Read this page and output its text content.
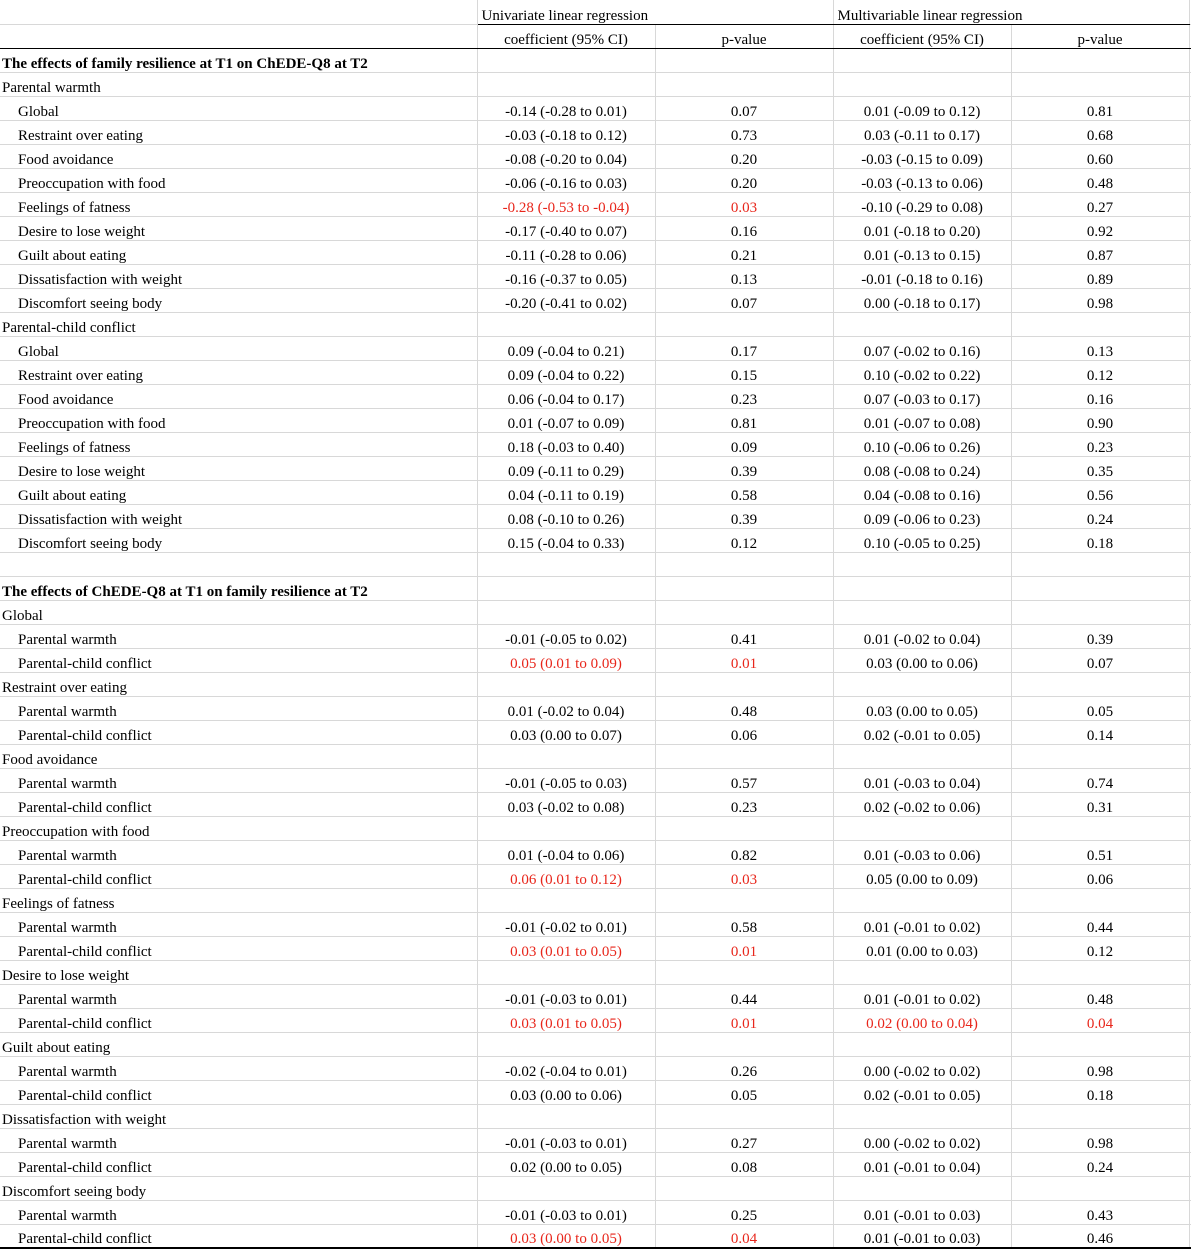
	Univariate linear regression		Multivariable linear regression		
	coefficient (95% CI)	p-value	coefficient (95% CI)	p-value	
The effects of family resilience at T1 on ChEDE-Q8 at T2					
Parental warmth					
Global	-0.14 (-0.28 to 0.01)	0.07	0.01 (-0.09 to 0.12)	0.81	
Restraint over eating	-0.03 (-0.18 to 0.12)	0.73	0.03 (-0.11 to 0.17)	0.68	
Food avoidance	-0.08 (-0.20 to 0.04)	0.20	-0.03 (-0.15 to 0.09)	0.60	
Preoccupation with food	-0.06 (-0.16 to 0.03)	0.20	-0.03 (-0.13 to 0.06)	0.48	
Feelings of fatness	-0.28 (-0.53 to -0.04)	0.03	-0.10 (-0.29 to 0.08)	0.27	
Desire to lose weight	-0.17 (-0.40 to 0.07)	0.16	0.01 (-0.18 to 0.20)	0.92	
Guilt about eating	-0.11 (-0.28 to 0.06)	0.21	0.01 (-0.13 to 0.15)	0.87	
Dissatisfaction with weight	-0.16 (-0.37 to 0.05)	0.13	-0.01 (-0.18 to 0.16)	0.89	
Discomfort seeing body	-0.20 (-0.41 to 0.02)	0.07	0.00 (-0.18 to 0.17)	0.98	
Parental-child conflict					
Global	0.09 (-0.04 to 0.21)	0.17	0.07 (-0.02 to 0.16)	0.13	
Restraint over eating	0.09 (-0.04 to 0.22)	0.15	0.10 (-0.02 to 0.22)	0.12	
Food avoidance	0.06 (-0.04 to 0.17)	0.23	0.07 (-0.03 to 0.17)	0.16	
Preoccupation with food	0.01 (-0.07 to 0.09)	0.81	0.01 (-0.07 to 0.08)	0.90	
Feelings of fatness	0.18 (-0.03 to 0.40)	0.09	0.10 (-0.06 to 0.26)	0.23	
Desire to lose weight	0.09 (-0.11 to 0.29)	0.39	0.08 (-0.08 to 0.24)	0.35	
Guilt about eating	0.04 (-0.11 to 0.19)	0.58	0.04 (-0.08 to 0.16)	0.56	
Dissatisfaction with weight	0.08 (-0.10 to 0.26)	0.39	0.09 (-0.06 to 0.23)	0.24	
Discomfort seeing body	0.15 (-0.04 to 0.33)	0.12	0.10 (-0.05 to 0.25)	0.18	

The effects of ChEDE-Q8 at T1 on family resilience at T2					
Global					
Parental warmth	-0.01 (-0.05 to 0.02)	0.41	0.01 (-0.02 to 0.04)	0.39	
Parental-child conflict	0.05 (0.01 to 0.09)	0.01	0.03 (0.00 to 0.06)	0.07	
Restraint over eating					
Parental warmth	0.01 (-0.02 to 0.04)	0.48	0.03 (0.00 to 0.05)	0.05	
Parental-child conflict	0.03 (0.00 to 0.07)	0.06	0.02 (-0.01 to 0.05)	0.14	
Food avoidance					
Parental warmth	-0.01 (-0.05 to 0.03)	0.57	0.01 (-0.03 to 0.04)	0.74	
Parental-child conflict	0.03 (-0.02 to 0.08)	0.23	0.02 (-0.02 to 0.06)	0.31	
Preoccupation with food					
Parental warmth	0.01 (-0.04 to 0.06)	0.82	0.01 (-0.03 to 0.06)	0.51	
Parental-child conflict	0.06 (0.01 to 0.12)	0.03	0.05 (0.00 to 0.09)	0.06	
Feelings of fatness					
Parental warmth	-0.01 (-0.02 to 0.01)	0.58	0.01 (-0.01 to 0.02)	0.44	
Parental-child conflict	0.03 (0.01 to 0.05)	0.01	0.01 (0.00 to 0.03)	0.12	
Desire to lose weight					
Parental warmth	-0.01 (-0.03 to 0.01)	0.44	0.01 (-0.01 to 0.02)	0.48	
Parental-child conflict	0.03 (0.01 to 0.05)	0.01	0.02 (0.00 to 0.04)	0.04	
Guilt about eating					
Parental warmth	-0.02 (-0.04 to 0.01)	0.26	0.00 (-0.02 to 0.02)	0.98	
Parental-child conflict	0.03 (0.00 to 0.06)	0.05	0.02 (-0.01 to 0.05)	0.18	
Dissatisfaction with weight					
Parental warmth	-0.01 (-0.03 to 0.01)	0.27	0.00 (-0.02 to 0.02)	0.98	
Parental-child conflict	0.02 (0.00 to 0.05)	0.08	0.01 (-0.01 to 0.04)	0.24	
Discomfort seeing body					
Parental warmth	-0.01 (-0.03 to 0.01)	0.25	0.01 (-0.01 to 0.03)	0.43	
Parental-child conflict	0.03 (0.00 to 0.05)	0.04	0.01 (-0.01 to 0.03)	0.46	
